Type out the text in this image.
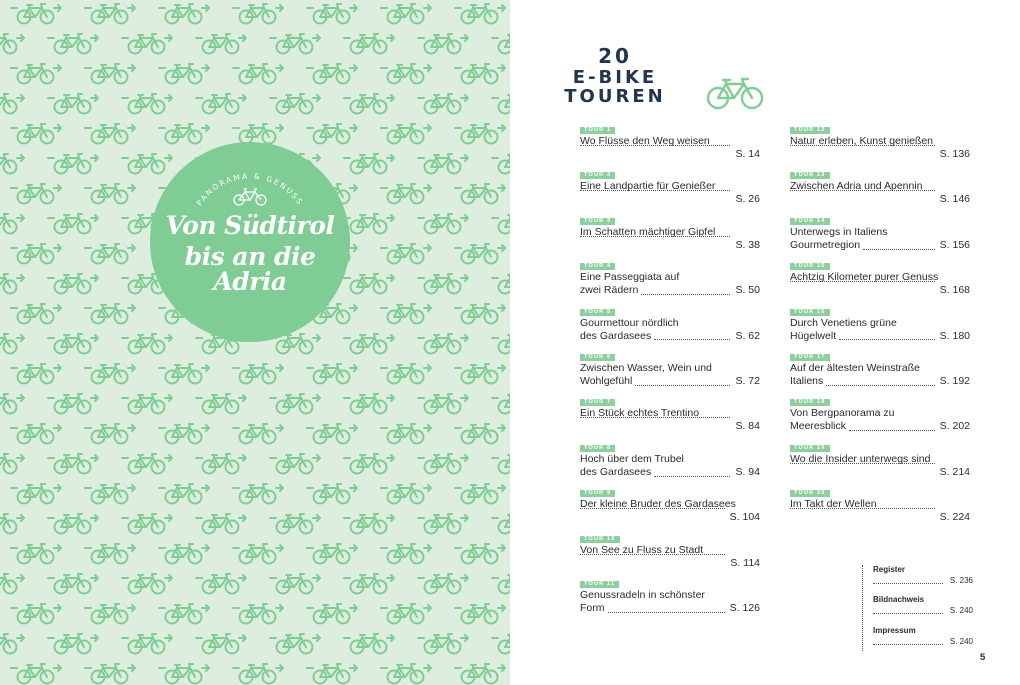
PANORAMA & GENUSS
Von Südtirol
bis an die Adria
20
E-BIKE
TOUREN
TOUR 1
Wo Flüsse den Weg weisen
S. 14
TOUR 2
Eine Landpartie für Genießer
S. 26
TOUR 3
Im Schatten mächtiger Gipfel
S. 38
TOUR 4
Eine Passeggiata auf
zwei Rädern	S. 50
TOUR 5
Gourmettour nördlich
des Gardasees	S. 62
TOUR 6
Zwischen Wasser, Wein und
Wohlgefühl	S. 72
TOUR 7
Ein Stück echtes Trentino
S. 84
TOUR 8
Hoch über dem Trubel
des Gardasees	S. 94
TOUR 9
Der kleine Bruder des Gardasees
S. 104
TOUR 10
Von See zu Fluss zu Stadt
S. 114
TOUR 11
Genussradeln in schönster
Form	S. 126
TOUR 12
Natur erleben, Kunst genießen
S. 136
TOUR 13
Zwischen Adria und Apennin
S. 146
TOUR 14
Unterwegs in Italiens
Gourmetregion	S. 156
TOUR 15
Achtzig Kilometer purer Genuss
S. 168
TOUR 16
Durch Venetiens grüne
Hügelwelt	S. 180
TOUR 17
Auf der ältesten Weinstraße
Italiens	S. 192
TOUR 18
Von Bergpanorama zu
Meeresblick	S. 202
TOUR 19
Wo die Insider unterwegs sind
S. 214
TOUR 20
Im Takt der Wellen
S. 224
Register
S. 236
Bildnachweis
S. 240
Impressum
S. 240
5
